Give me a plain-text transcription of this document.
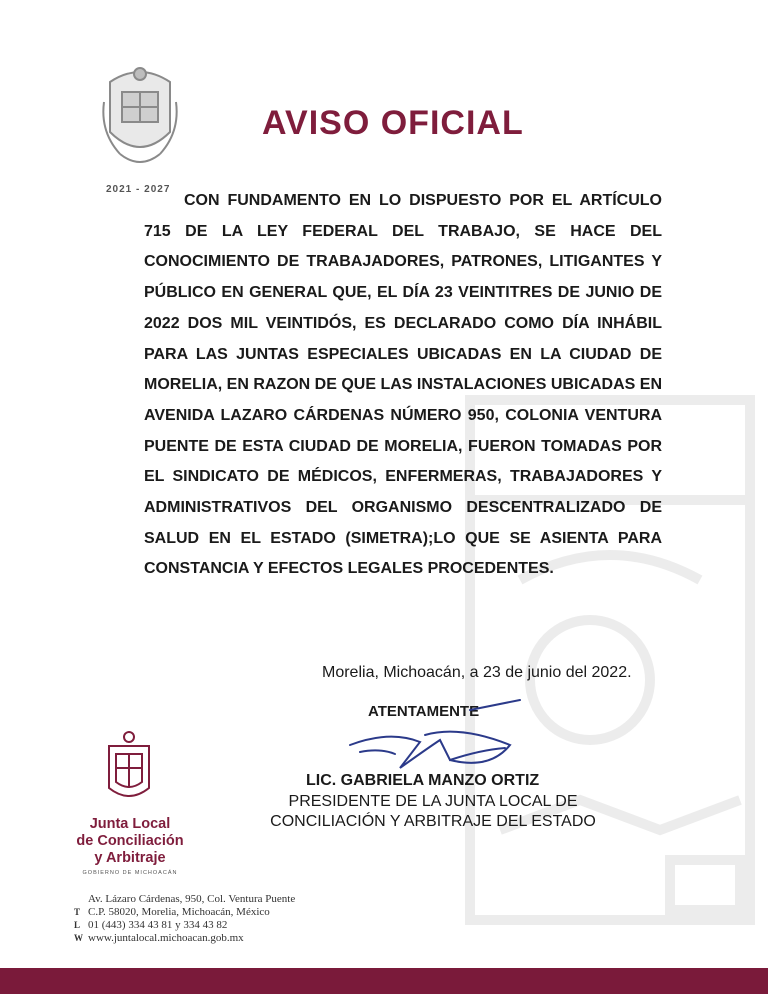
2021 - 2027
AVISO OFICIAL

CON FUNDAMENTO EN LO DISPUESTO POR EL ARTÍCULO 715 DE LA LEY FEDERAL DEL TRABAJO, SE HACE DEL CONOCIMIENTO DE TRABAJADORES, PATRONES, LITIGANTES Y PÚBLICO EN GENERAL QUE, EL DÍA 23 VEINTITRES DE JUNIO DE 2022 DOS MIL VEINTIDÓS, ES DECLARADO COMO DÍA INHÁBIL PARA LAS JUNTAS ESPECIALES UBICADAS EN LA CIUDAD DE MORELIA, EN RAZON DE QUE LAS INSTALACIONES UBICADAS EN AVENIDA LAZARO CÁRDENAS NÚMERO 950, COLONIA VENTURA PUENTE DE ESTA CIUDAD DE MORELIA, FUERON TOMADAS POR EL SINDICATO DE MÉDICOS, ENFERMERAS, TRABAJADORES Y ADMINISTRATIVOS DEL ORGANISMO DESCENTRALIZADO DE SALUD EN EL ESTADO (SIMETRA);LO QUE SE ASIENTA PARA CONSTANCIA Y EFECTOS LEGALES PROCEDENTES.

Morelia, Michoacán, a 23 de junio del 2022.
ATENTAMENTE
LIC. GABRIELA MANZO ORTIZ
PRESIDENTE DE LA JUNTA LOCAL DE
CONCILIACIÓN Y ARBITRAJE DEL ESTADO
Junta Local
de Conciliación
y Arbitraje
GOBIERNO DE MICHOACÁN
Av. Lázaro Cárdenas, 950, Col. Ventura Puente
T C.P. 58020, Morelia, Michoacán, México
L 01 (443) 334 43 81 y 334 43 82
W www.juntalocal.michoacan.gob.mx
